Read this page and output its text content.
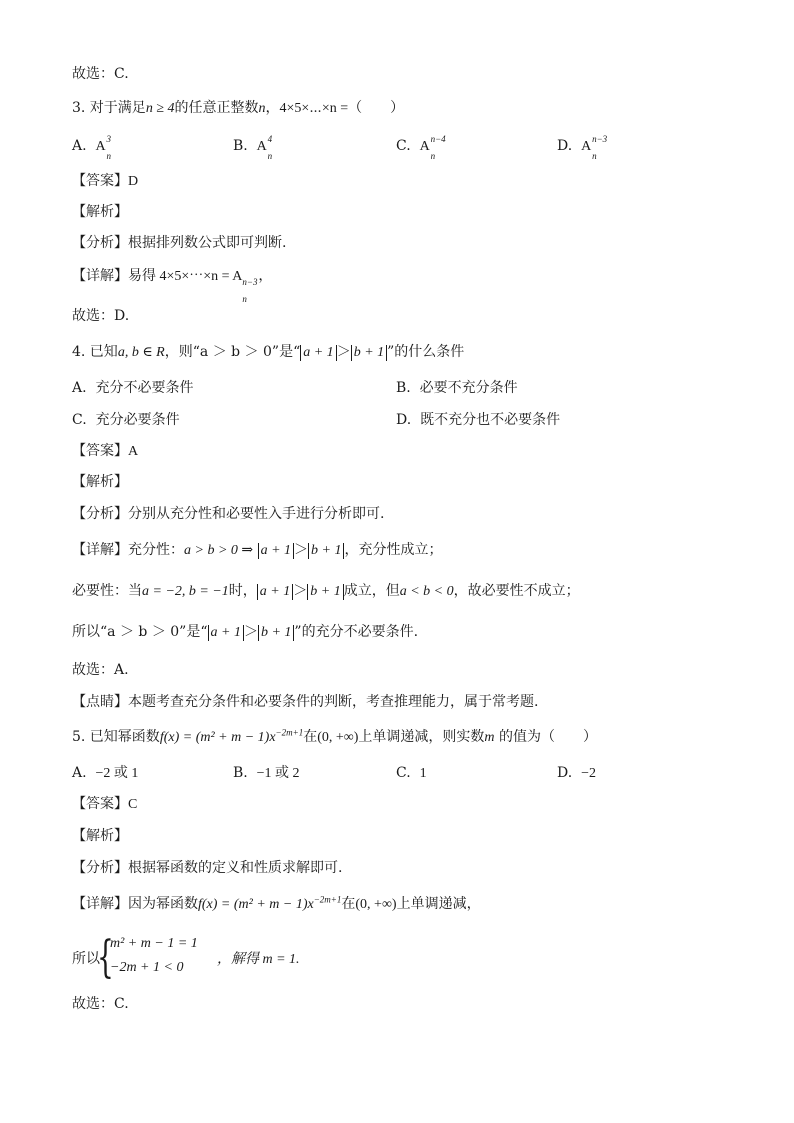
故选：C.
3. 对于满足n ≥ 4的任意正整数n，4×5×⋯×n =（　　）
A. A 3
n
B. A 4
n
C. A n−4
n
D. A n−3
n
【答案】D
【解析】
【分析】根据排列数公式即可判断.
【详解】易得 4×5×⋯×n = A n−3
n
，
故选：D.
4. 已知a, b ∈ R，则“a ＞ b ＞ 0”是“ a + 1 ＞ b + 1 ”的什么条件
A. 充分不必要条件	B. 必要不充分条件
C. 充分必要条件	D. 既不充分也不必要条件
【答案】A
【解析】
【分析】分别从充分性和必要性入手进行分析即可.
【详解】充分性：a > b > 0 ⇒ a + 1 ＞ b + 1 ，充分性成立；
必要性：当a = −2, b = −1时， a + 1 ＞ b + 1 成立，但a < b < 0，故必要性不成立；
所以“a ＞ b ＞ 0”是“ a + 1 ＞ b + 1 ”的充分不必要条件.
故选：A.
【点睛】本题考查充分条件和必要条件的判断，考查推理能力，属于常考题.
5. 已知幂函数$f(x) = (m^2 + m - 1)x^{-2m+1}$在(0, +∞)上单调递减，则实数m 的值为（　　）
A. −2 或 1	B. −1 或 2	C. 1	D. −2
【答案】C
【解析】
【分析】根据幂函数的定义和性质求解即可.
【详解】因为幂函数$f(x) = (m^2 + m - 1)x^{-2m+1}$在(0, +∞)上单调递减，
所以
{
m² + m − 1 = 1
−2m + 1 < 0
，解得 m = 1.
故选：C.
